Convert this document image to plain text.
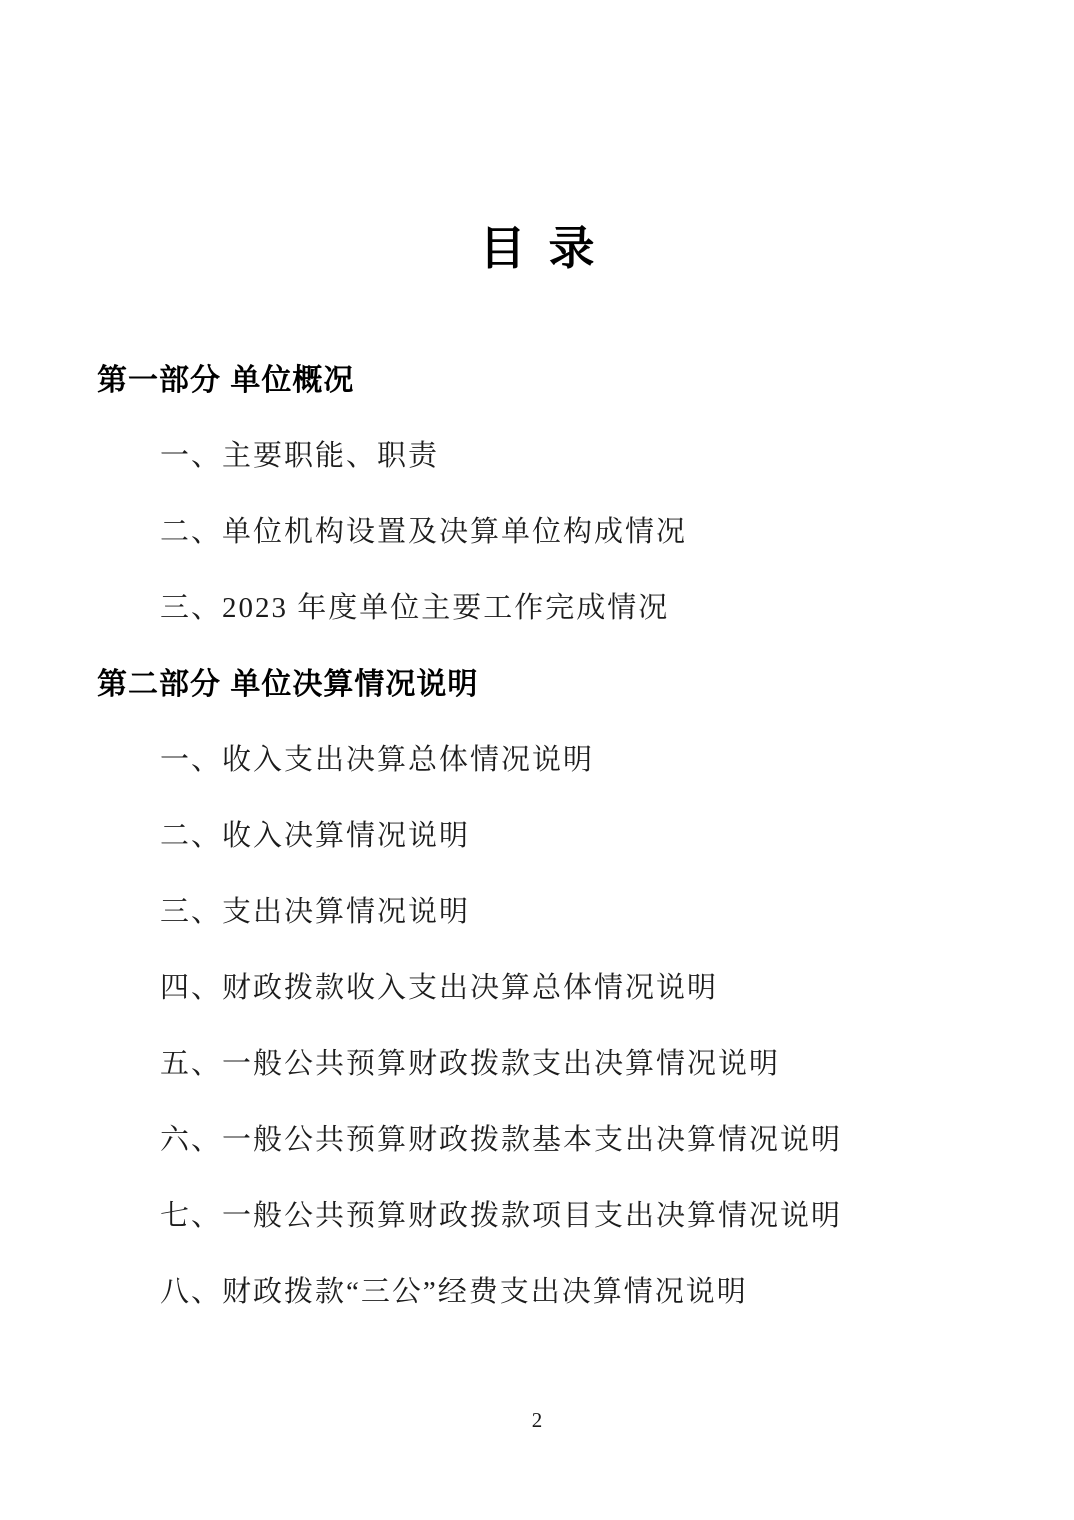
目  录
第一部分 单位概况
一、主要职能、职责
二、单位机构设置及决算单位构成情况
三、2023 年度单位主要工作完成情况
第二部分 单位决算情况说明
一、收入支出决算总体情况说明
二、收入决算情况说明
三、支出决算情况说明
四、财政拨款收入支出决算总体情况说明
五、一般公共预算财政拨款支出决算情况说明
六、一般公共预算财政拨款基本支出决算情况说明
七、一般公共预算财政拨款项目支出决算情况说明
八、财政拨款“三公”经费支出决算情况说明
2
